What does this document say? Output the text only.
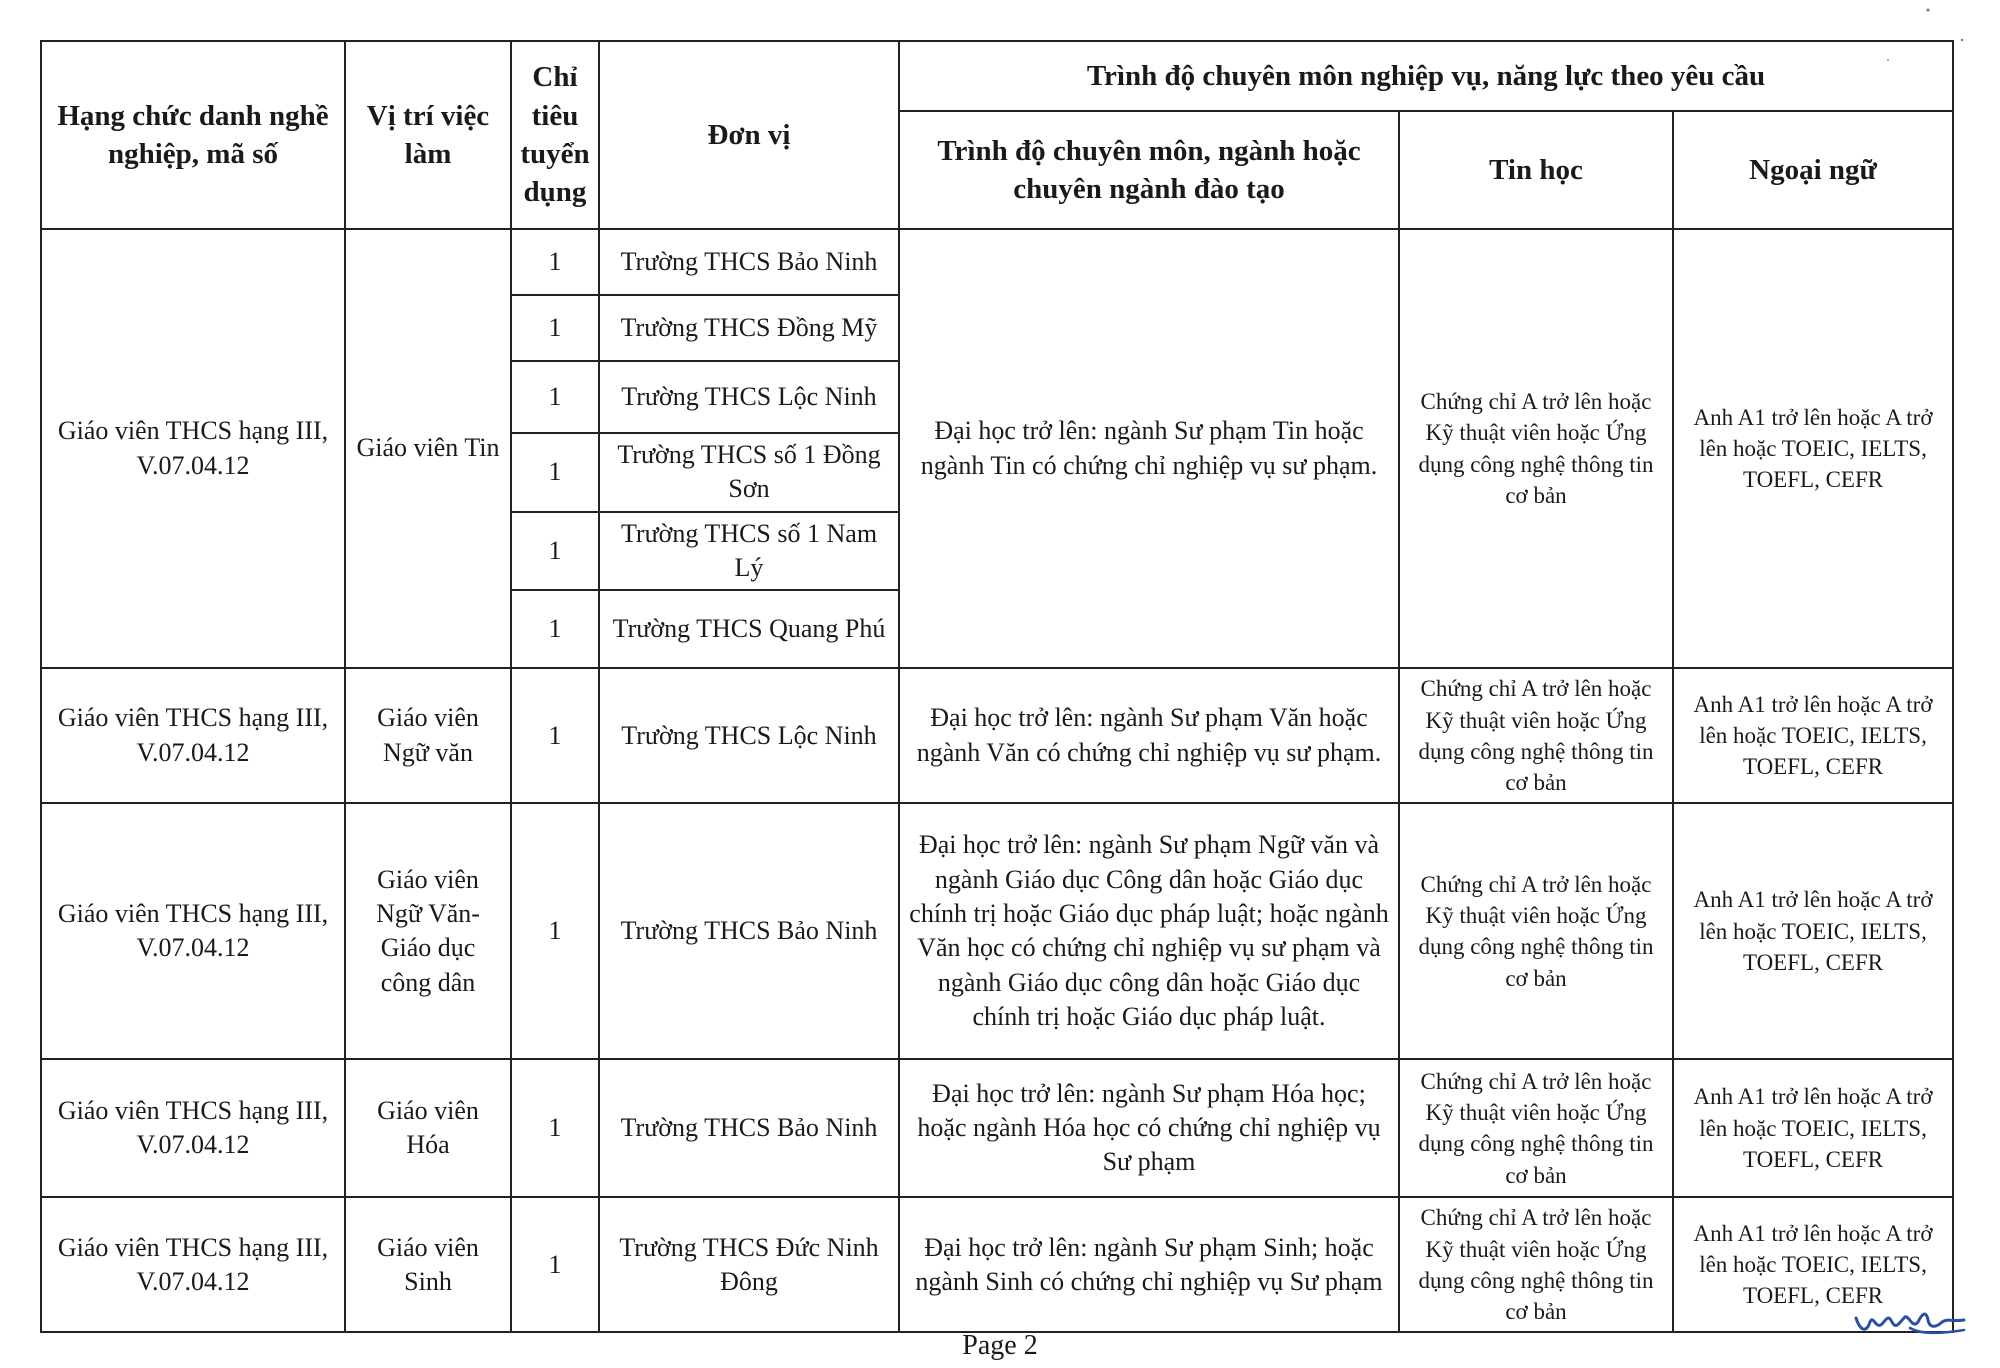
Hạng chức danh nghề nghiệp, mã số	Vị trí việc làm	Chỉ tiêu tuyển dụng	Đơn vị	Trình độ chuyên môn nghiệp vụ, năng lực theo yêu cầu		
				Trình độ chuyên môn, ngành hoặc chuyên ngành đào tạo	Tin học	Ngoại ngữ
Giáo viên THCS hạng III, V.07.04.12	Giáo viên Tin	1	Trường THCS Bảo Ninh	Đại học trở lên: ngành Sư phạm Tin hoặc ngành Tin có chứng chỉ nghiệp vụ sư phạm.	Chứng chỉ A trở lên hoặc Kỹ thuật viên hoặc Ứng dụng công nghệ thông tin cơ bản	Anh A1 trở lên hoặc A trở lên hoặc TOEIC, IELTS, TOEFL, CEFR
		1	Trường THCS Đồng Mỹ			
		1	Trường THCS Lộc Ninh			
		1	Trường THCS số 1 Đồng Sơn			
		1	Trường THCS số 1 Nam Lý			
		1	Trường THCS Quang Phú			
Giáo viên THCS hạng III, V.07.04.12	Giáo viên Ngữ văn	1	Trường THCS Lộc Ninh	Đại học trở lên: ngành Sư phạm Văn hoặc ngành Văn có chứng chỉ nghiệp vụ sư phạm.	Chứng chỉ A trở lên hoặc Kỹ thuật viên hoặc Ứng dụng công nghệ thông tin cơ bản	Anh A1 trở lên hoặc A trở lên hoặc TOEIC, IELTS, TOEFL, CEFR
Giáo viên THCS hạng III, V.07.04.12	Giáo viên Ngữ Văn-Giáo dục công dân	1	Trường THCS Bảo Ninh	Đại học trở lên: ngành Sư phạm Ngữ văn và ngành Giáo dục Công dân hoặc Giáo dục chính trị hoặc Giáo dục pháp luật; hoặc ngành Văn học có chứng chỉ nghiệp vụ sư phạm và ngành Giáo dục công dân hoặc Giáo dục chính trị hoặc Giáo dục pháp luật.	Chứng chỉ A trở lên hoặc Kỹ thuật viên hoặc Ứng dụng công nghệ thông tin cơ bản	Anh A1 trở lên hoặc A trở lên hoặc TOEIC, IELTS, TOEFL, CEFR
Giáo viên THCS hạng III, V.07.04.12	Giáo viên Hóa	1	Trường THCS Bảo Ninh	Đại học trở lên: ngành Sư phạm Hóa học; hoặc ngành Hóa học có chứng chỉ nghiệp vụ Sư phạm	Chứng chỉ A trở lên hoặc Kỹ thuật viên hoặc Ứng dụng công nghệ thông tin cơ bản	Anh A1 trở lên hoặc A trở lên hoặc TOEIC, IELTS, TOEFL, CEFR
Giáo viên THCS hạng III, V.07.04.12	Giáo viên Sinh	1	Trường THCS Đức Ninh Đông	Đại học trở lên: ngành Sư phạm Sinh; hoặc ngành Sinh có chứng chỉ nghiệp vụ Sư phạm	Chứng chỉ A trở lên hoặc Kỹ thuật viên hoặc Ứng dụng công nghệ thông tin cơ bản	Anh A1 trở lên hoặc A trở lên hoặc TOEIC, IELTS, TOEFL, CEFR
Page 2
